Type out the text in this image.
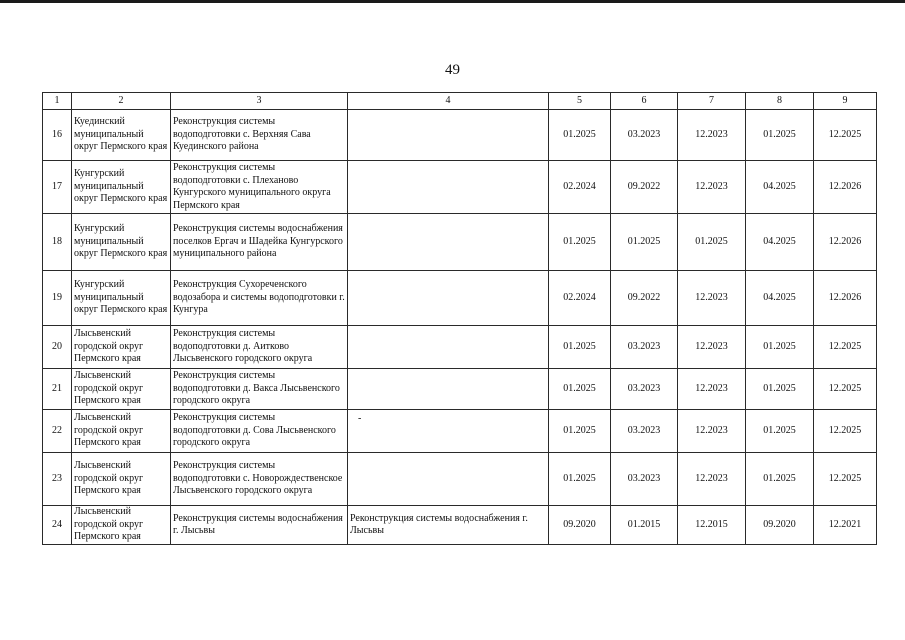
49
1	2	3	4	5	6	7	8	9
16	Куединский муниципальный округ Пермского края	Реконструкция системы водоподготовки с. Верхняя Сава Куединского района		01.2025	03.2023	12.2023	01.2025	12.2025
17	Кунгурский муниципальный округ Пермского края	Реконструкция системы водоподготовки с. Плеханово Кунгурского муниципального округа Пермского края		02.2024	09.2022	12.2023	04.2025	12.2026
18	Кунгурский муниципальный округ Пермского края	Реконструкция системы водоснабжения поселков Ергач и Шадейка Кунгурского муниципального района		01.2025	01.2025	01.2025	04.2025	12.2026
19	Кунгурский муниципальный округ Пермского края	Реконструкция Сухореченского водозабора и системы водоподготовки г. Кунгура		02.2024	09.2022	12.2023	04.2025	12.2026
20	Лысьвенский городской округ Пермского края	Реконструкция системы водоподготовки д. Аитково Лысьвенского городского округа		01.2025	03.2023	12.2023	01.2025	12.2025
21	Лысьвенский городской округ Пермского края	Реконструкция системы водоподготовки д. Вакса Лысьвенского городского округа		01.2025	03.2023	12.2023	01.2025	12.2025
22	Лысьвенский городской округ Пермского края	Реконструкция системы водоподготовки д. Сова Лысьвенского городского округа	-	01.2025	03.2023	12.2023	01.2025	12.2025
23	Лысьвенский городской округ Пермского края	Реконструкция системы водоподготовки с. Новорождественское Лысьвенского городского округа		01.2025	03.2023	12.2023	01.2025	12.2025
24	Лысьвенский городской округ Пермского края	Реконструкция системы водоснабжения г. Лысьвы	Реконструкция системы водоснабжения г. Лысьвы	09.2020	01.2015	12.2015	09.2020	12.2021
